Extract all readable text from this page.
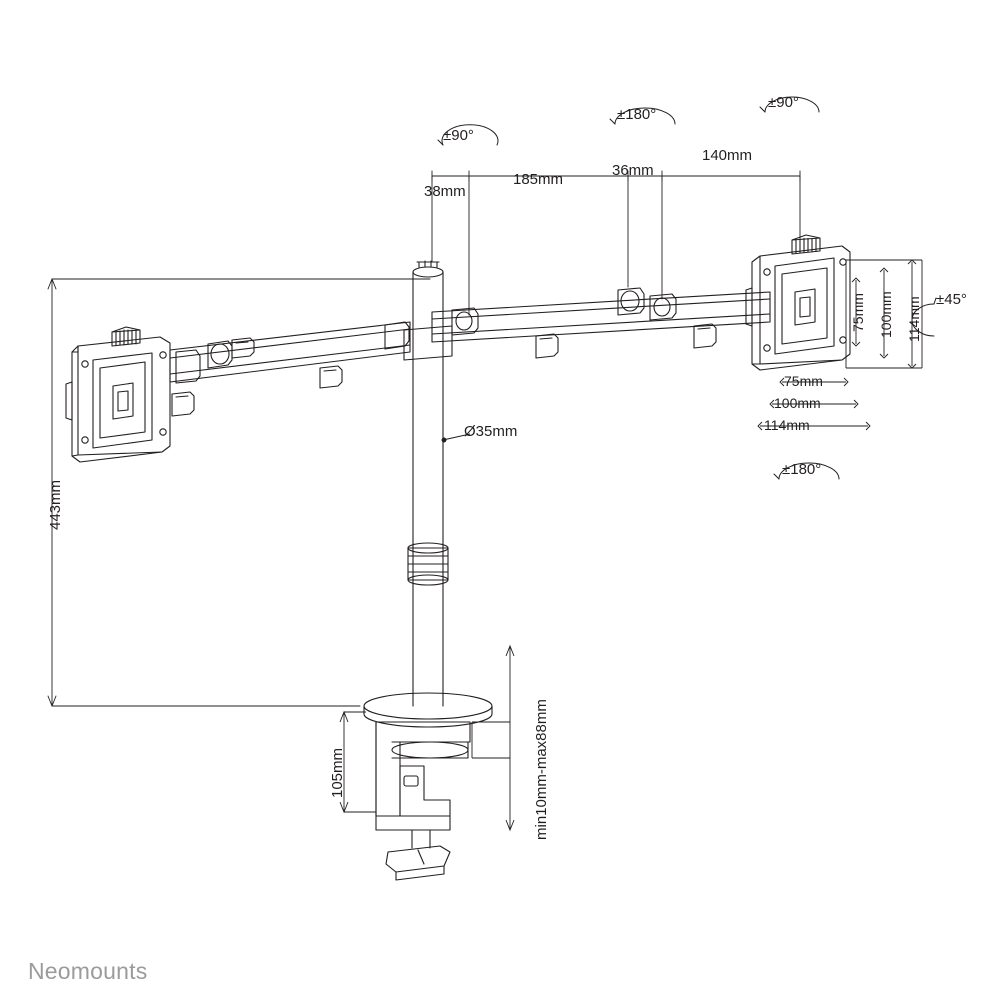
±90°
±180°
±90°
±180°
±45°
38mm
185mm
36mm
140mm
Ø35mm
443mm
105mm	min10mm-max88mm
75mm 100mm 114mm
75mm
100mm
114mm
Neomounts
